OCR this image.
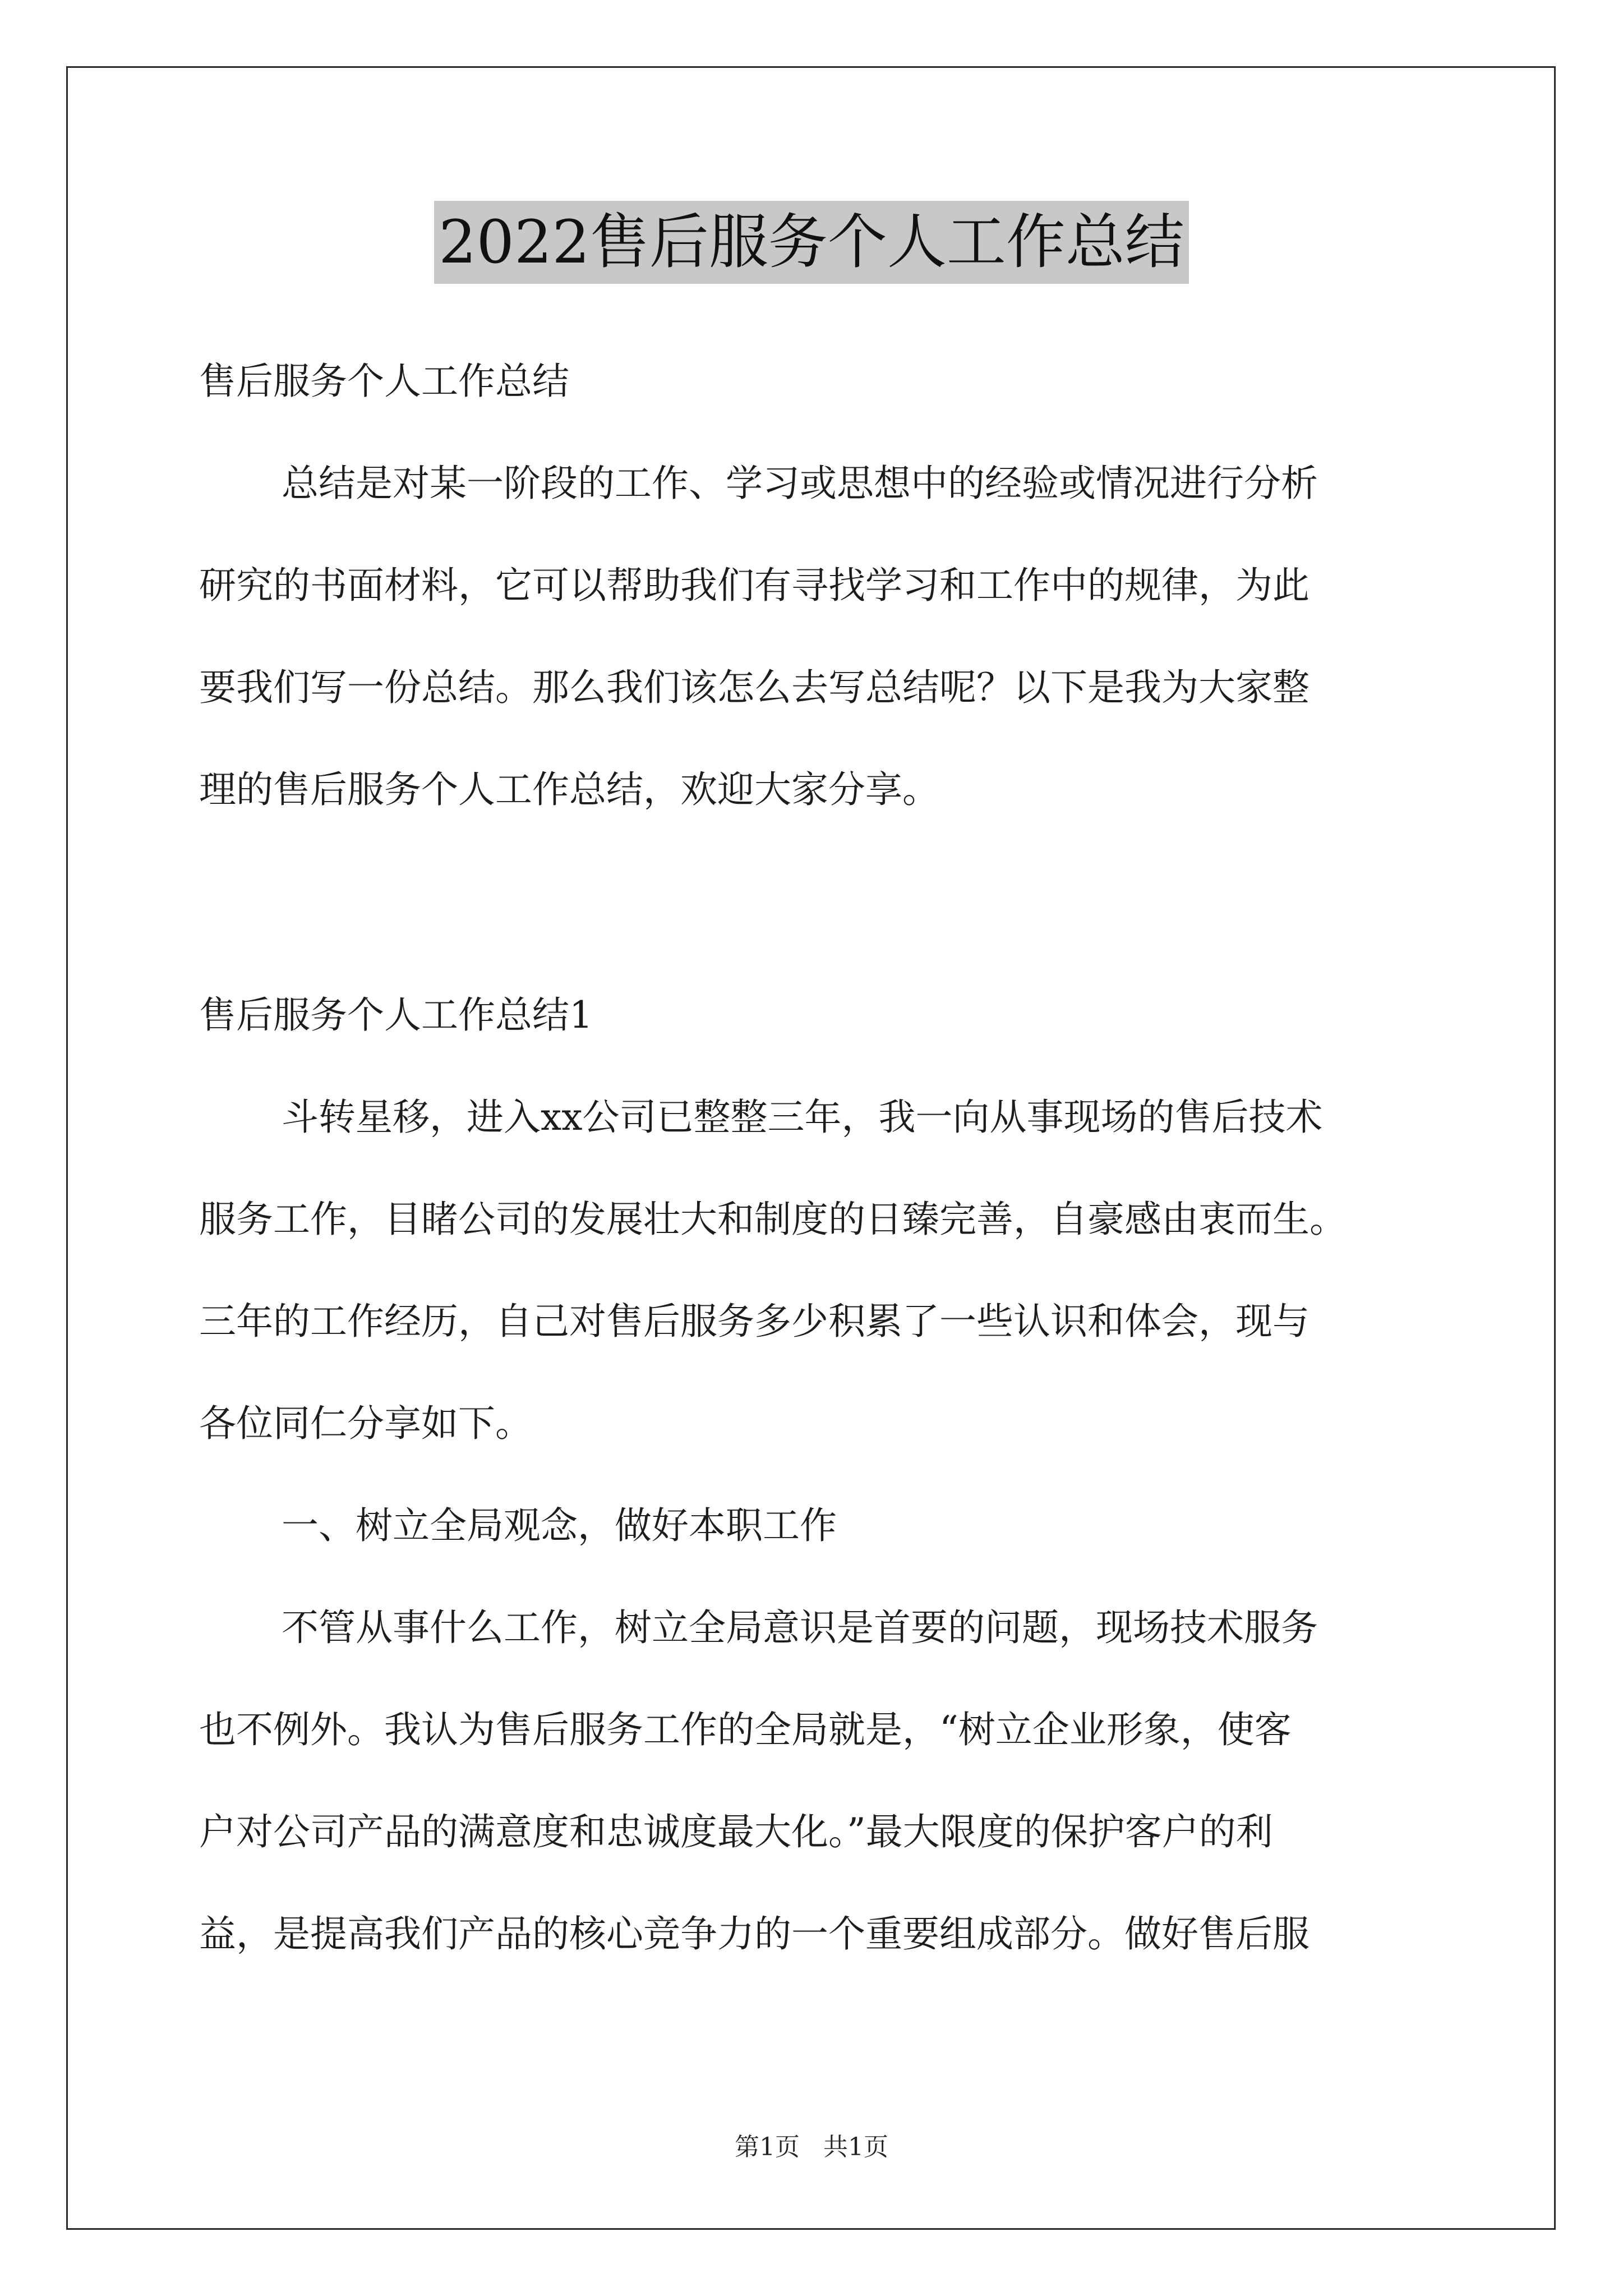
2022售后服务个人工作总结
售后服务个人工作总结
总结是对某一阶段的工作、学习或思想中的经验或情况进行分析
研究的书面材料，它可以帮助我们有寻找学习和工作中的规律，为此
要我们写一份总结。那么我们该怎么去写总结呢？以下是我为大家整
理的售后服务个人工作总结，欢迎大家分享。
售后服务个人工作总结1
斗转星移，进入xx公司已整整三年，我一向从事现场的售后技术
服务工作，目睹公司的发展壮大和制度的日臻完善，自豪感由衷而生。
三年的工作经历，自己对售后服务多少积累了一些认识和体会，现与
各位同仁分享如下。
一、树立全局观念，做好本职工作
不管从事什么工作，树立全局意识是首要的问题，现场技术服务
也不例外。我认为售后服务工作的全局就是，“树立企业形象，使客
户对公司产品的满意度和忠诚度最大化。”最大限度的保护客户的利
益，是提高我们产品的核心竞争力的一个重要组成部分。做好售后服
第1页   共1页
